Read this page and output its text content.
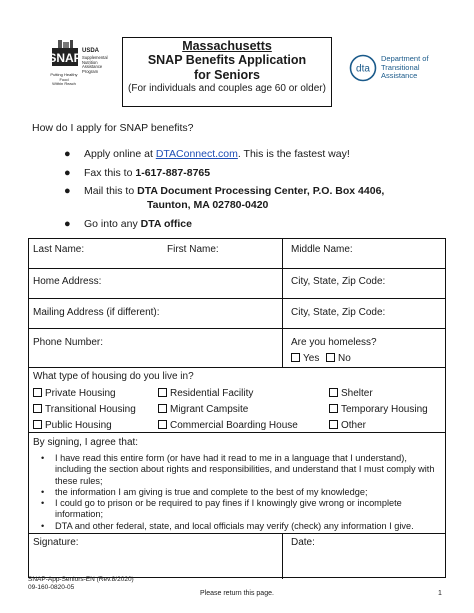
SNAP USDA
Supplemental
Nutrition
Assistance
Program
Putting Healthy Food
Within Reach
Massachusetts
SNAP Benefits Application for Seniors
(For individuals and couples age 60 or older)
dta
Department of
Transitional
Assistance
How do I apply for SNAP benefits?
● Apply online at DTAConnect.com. This is the fastest way!
● Fax this to 1-617-887-8765
● Mail this to DTA Document Processing Center, P.O. Box 4406,
Taunton, MA 02780-0420
● Go into any DTA office
Last Name:	First Name:	Middle Name:
Home Address:	City, State, Zip Code:
Mailing Address (if different):	City, State, Zip Code:
Phone Number:	Are you homeless?
Yes	No
What type of housing do you live in?
Private Housing	Residential Facility	Shelter
Transitional Housing	Migrant Campsite	Temporary Housing
Public Housing	Commercial Boarding House	Other
By signing, I agree that:
• I have read this entire form (or have had it read to me in a language that I understand), including the section about rights and responsibilities, and understand that I must comply with these rules;
• the information I am giving is true and complete to the best of my knowledge;
• I could go to prison or be required to pay fines if I knowingly give wrong or incomplete information;
• DTA and other federal, state, and local officials may verify (check) any information I give.
Signature:	Date:
SNAP-App-Seniors-EN (Rev.8/2020)
09-160-0820-05
Please return this page.	1
